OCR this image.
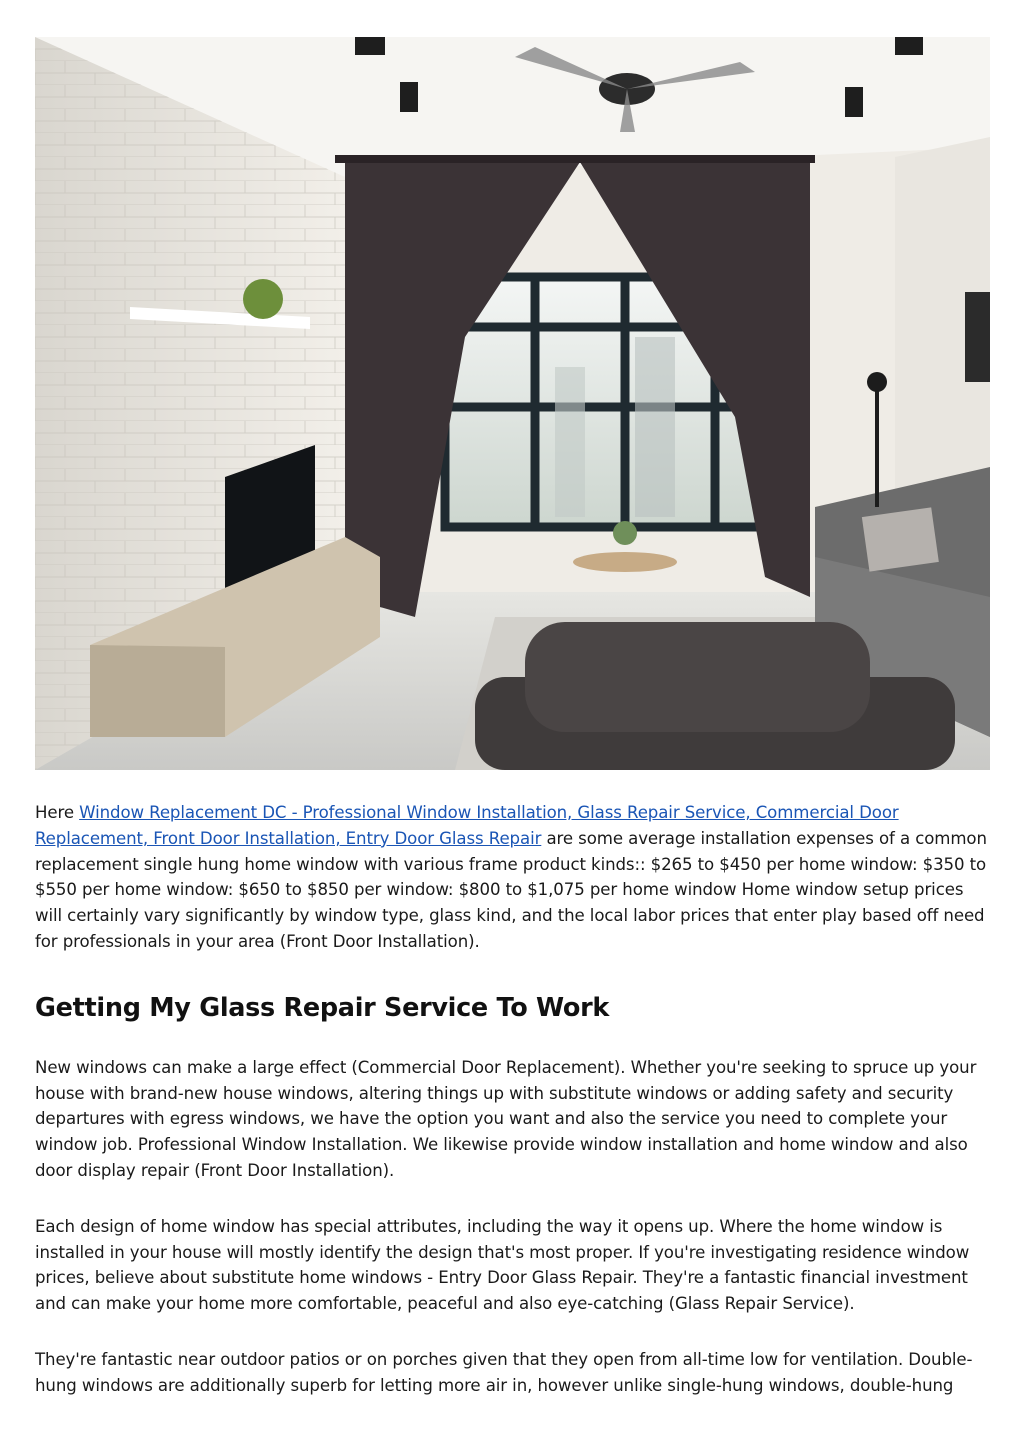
Here Window Replacement DC - Professional Window Installation, Glass Repair Service, Commercial Door Replacement, Front Door Installation, Entry Door Glass Repair are some average installation expenses of a common replacement single hung home window with various frame product kinds:: $265 to $450 per home window: $350 to $550 per home window: $650 to $850 per window: $800 to $1,075 per home window Home window setup prices will certainly vary significantly by window type, glass kind, and the local labor prices that enter play based off need for professionals in your area (Front Door Installation).

Getting My Glass Repair Service To Work

New windows can make a large effect (Commercial Door Replacement). Whether you're seeking to spruce up your house with brand-new house windows, altering things up with substitute windows or adding safety and security departures with egress windows, we have the option you want and also the service you need to complete your window job. Professional Window Installation. We likewise provide window installation and home window and also door display repair (Front Door Installation).

Each design of home window has special attributes, including the way it opens up. Where the home window is installed in your house will mostly identify the design that's most proper. If you're investigating residence window prices, believe about substitute home windows - Entry Door Glass Repair. They're a fantastic financial investment and can make your home more comfortable, peaceful and also eye-catching (Glass Repair Service).

They're fantastic near outdoor patios or on porches given that they open from all-time low for ventilation. Double-hung windows are additionally superb for letting more air in, however unlike single-hung windows, double-hung
